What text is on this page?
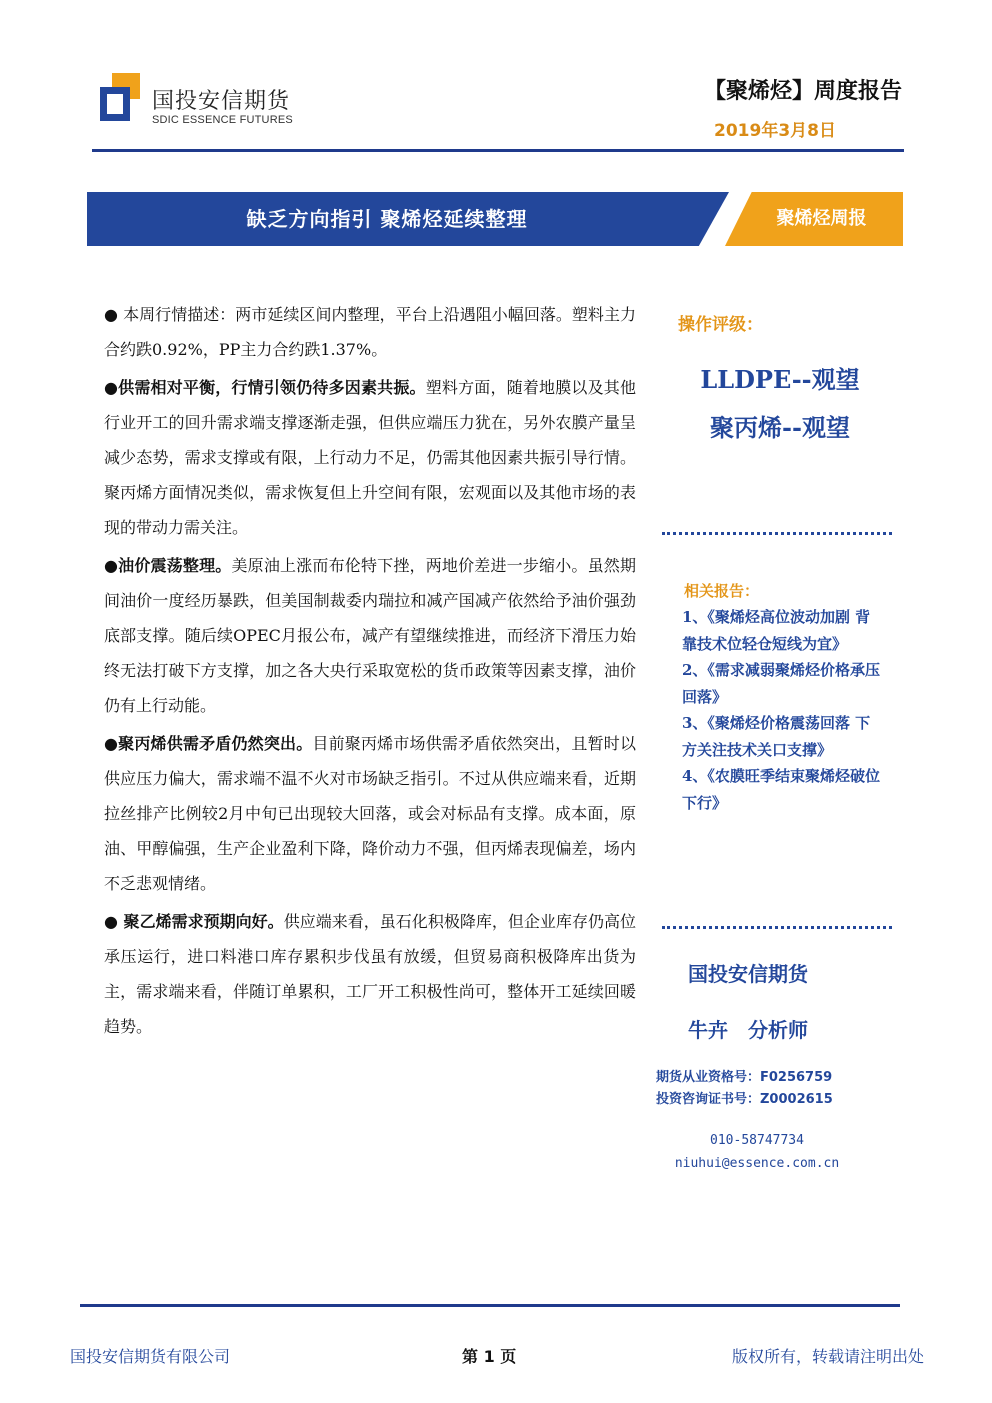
国投安信期货
SDIC ESSENCE FUTURES
【聚烯烃】周度报告
2019年3月8日
缺乏方向指引 聚烯烃延续整理	聚烯烃周报

● 本周行情描述：两市延续区间内整理，平台上沿遇阻小幅回落。塑料主力合约跌0.92%，PP主力合约跌1.37%。

●供需相对平衡，行情引领仍待多因素共振。塑料方面，随着地膜以及其他行业开工的回升需求端支撑逐渐走强，但供应端压力犹在，另外农膜产量呈减少态势，需求支撑或有限，上行动力不足，仍需其他因素共振引导行情。聚丙烯方面情况类似，需求恢复但上升空间有限，宏观面以及其他市场的表现的带动力需关注。

●油价震荡整理。美原油上涨而布伦特下挫，两地价差进一步缩小。虽然期间油价一度经历暴跌，但美国制裁委内瑞拉和减产国减产依然给予油价强劲底部支撑。随后续OPEC月报公布，减产有望继续推进，而经济下滑压力始终无法打破下方支撑，加之各大央行采取宽松的货币政策等因素支撑，油价仍有上行动能。

●聚丙烯供需矛盾仍然突出。目前聚丙烯市场供需矛盾依然突出，且暂时以供应压力偏大，需求端不温不火对市场缺乏指引。不过从供应端来看，近期拉丝排产比例较2月中旬已出现较大回落，或会对标品有支撑。成本面，原油、甲醇偏强，生产企业盈利下降，降价动力不强，但丙烯表现偏差，场内不乏悲观情绪。

● 聚乙烯需求预期向好。供应端来看，虽石化积极降库，但企业库存仍高位承压运行，进口料港口库存累积步伐虽有放缓，但贸易商积极降库出货为主，需求端来看，伴随订单累积，工厂开工积极性尚可，整体开工延续回暖趋势。

操作评级：
LLDPE--观望
聚丙烯--观望
相关报告：
1、《聚烯烃高位波动加剧 背靠技术位轻仓短线为宜》
2、《需求减弱聚烯烃价格承压回落》
3、《聚烯烃价格震荡回落 下方关注技术关口支撑》
4、《农膜旺季结束聚烯烃破位下行》
国投安信期货
牛卉 分析师
期货从业资格号：F0256759
投资咨询证书号：Z0002615
010-58747734
niuhui@essence.com.cn
国投安信期货有限公司	第 1 页	版权所有，转载请注明出处
